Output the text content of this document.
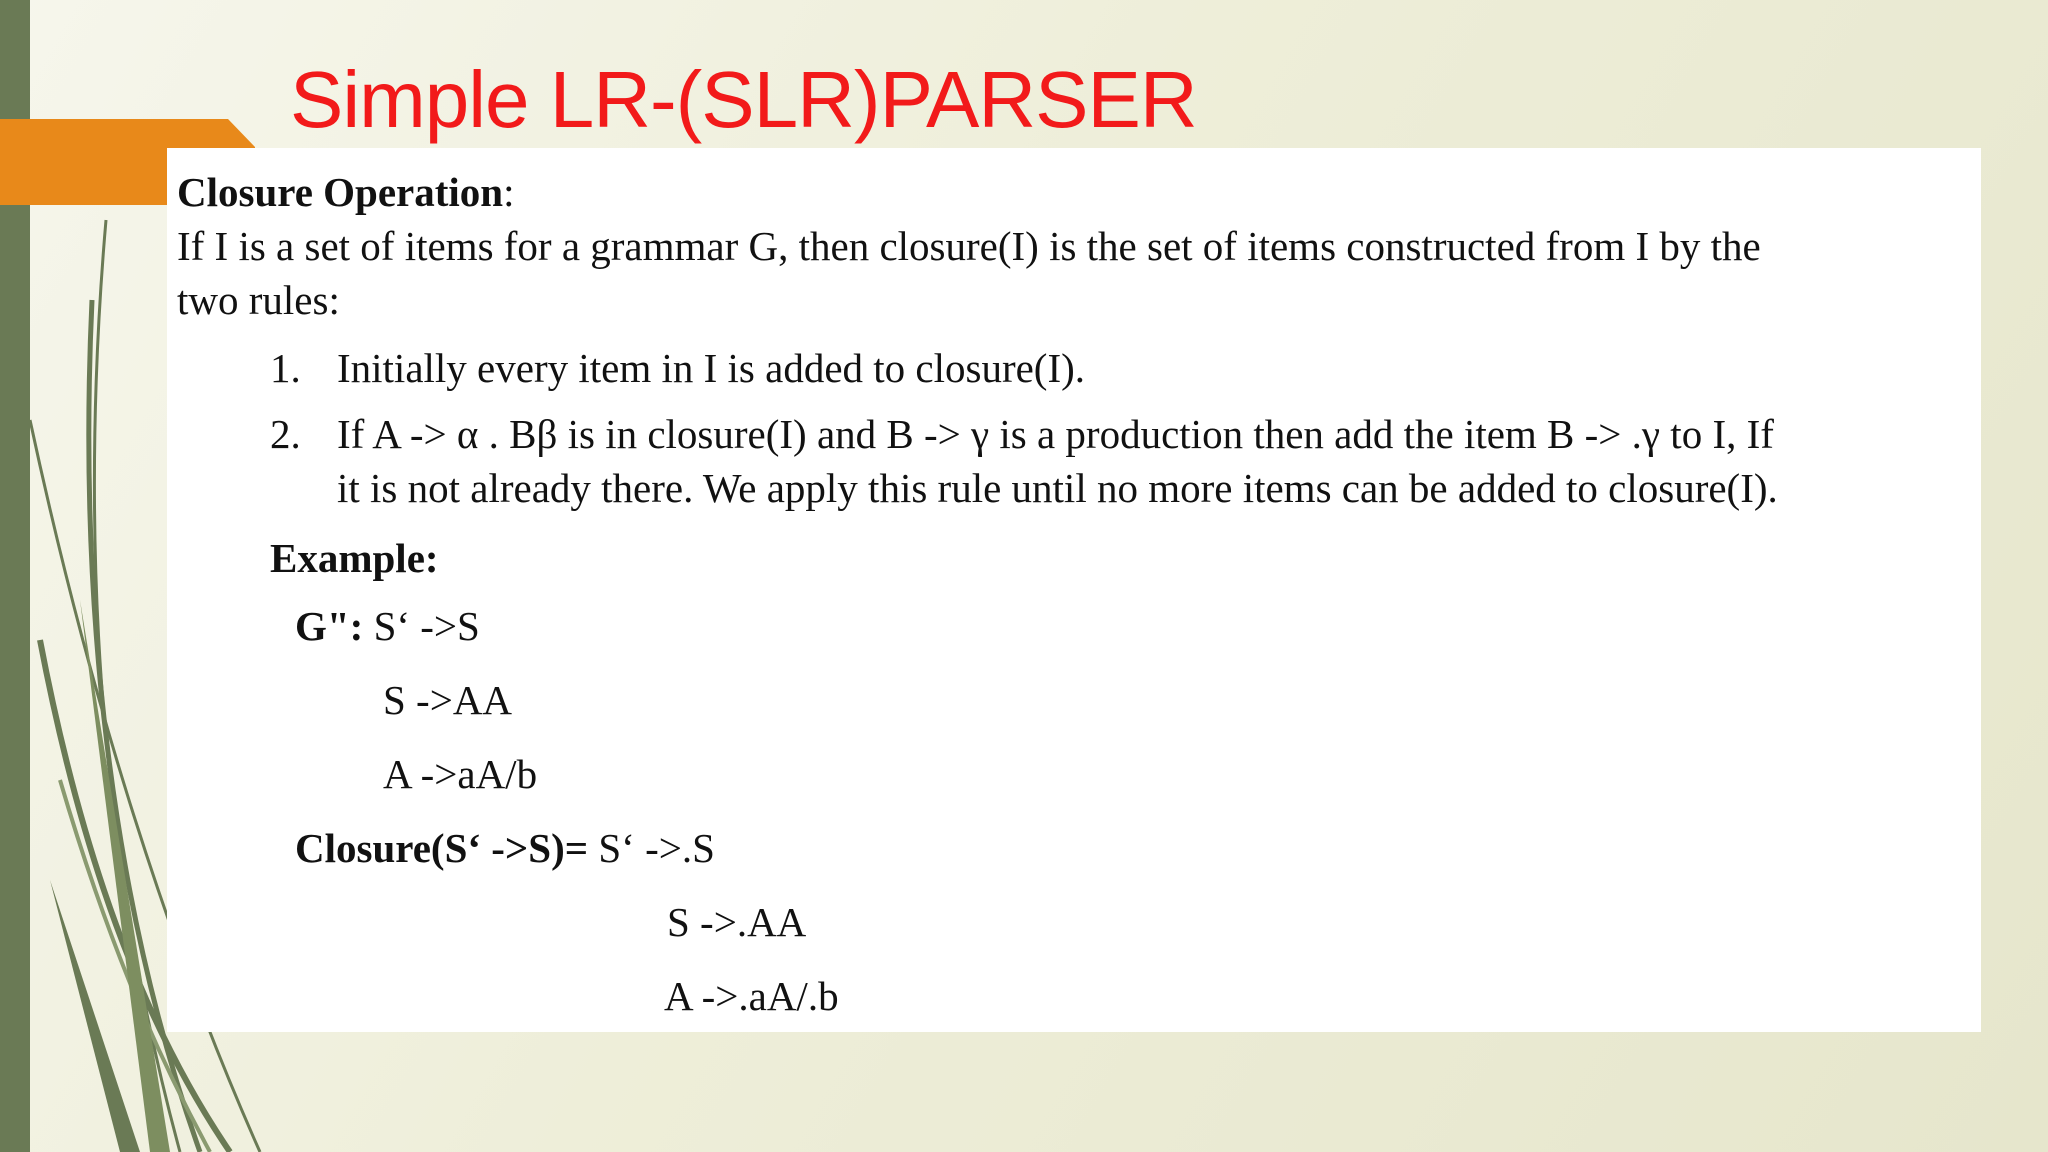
Simple LR-(SLR)PARSER
Closure Operation:
If I is a set of items for a grammar G, then closure(I) is the set of items constructed from I by the
two rules:
1. Initially every item in I is added to closure(I).
2. If A -> α . Bβ is in closure(I) and B -> γ is a production then add the item B -> .γ to I, If
it is not already there. We apply this rule until no more items can be added to closure(I).
Example:
G": S‘ ->S
S ->AA
A ->aA/b
Closure(S‘ ->S)= S‘ ->.S
S ->.AA
A ->.aA/.b
